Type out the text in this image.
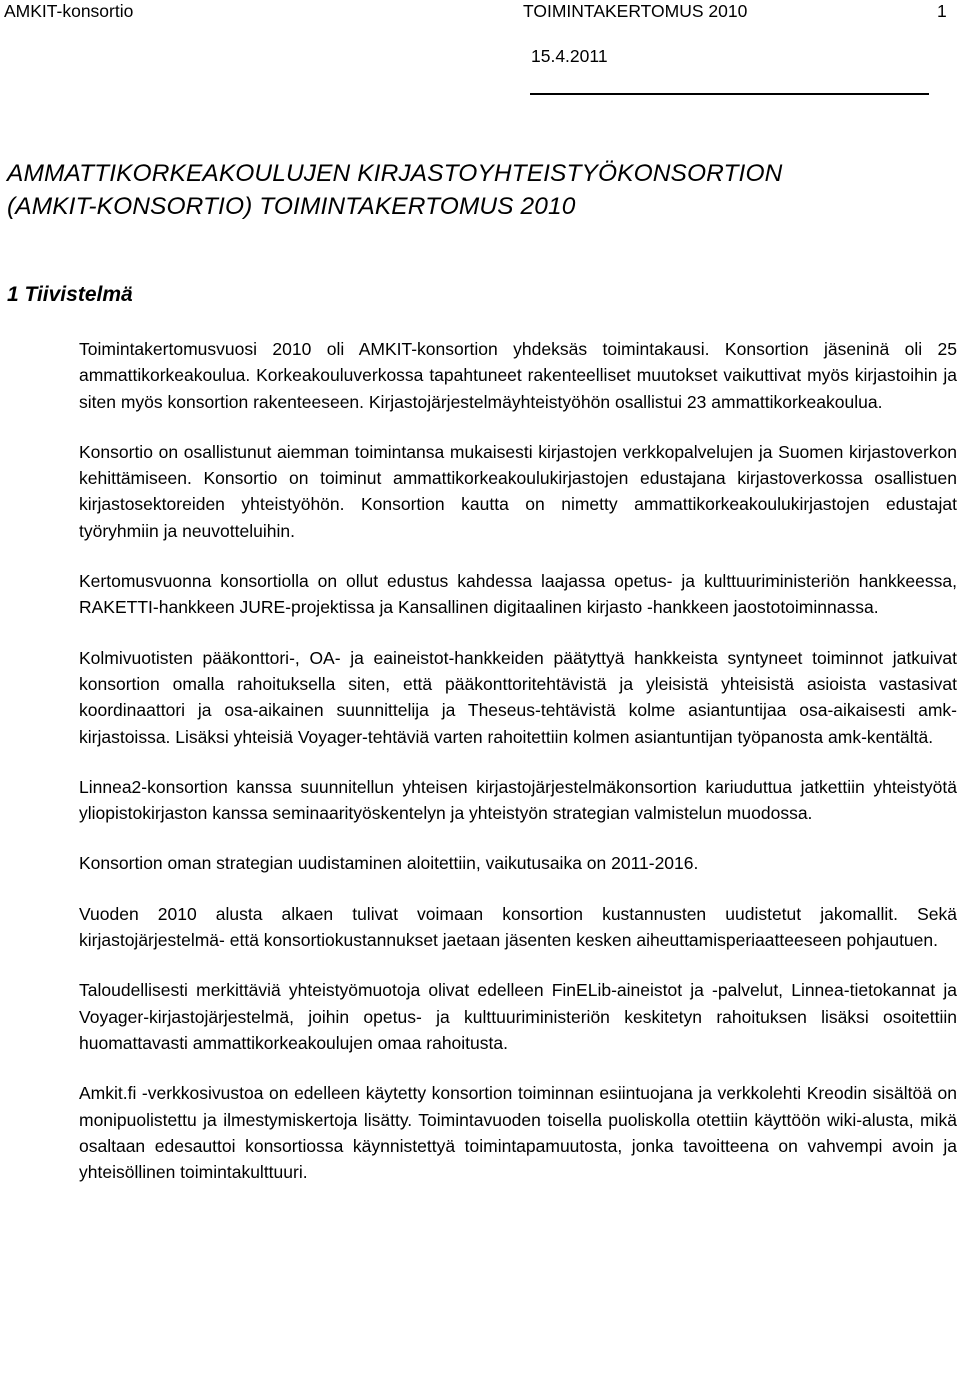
AMKIT-konsortio	TOIMINTAKERTOMUS 2010	1
15.4.2011
AMMATTIKORKEAKOULUJEN KIRJASTOYHTEISTYÖKONSORTION
(AMKIT-KONSORTIO) TOIMINTAKERTOMUS 2010
1 Tiivistelmä

Toimintakertomusvuosi 2010 oli AMKIT-konsortion yhdeksäs toimintakausi. Konsortion jäseninä oli 25 ammattikorkeakoulua. Korkeakouluverkossa tapahtuneet rakenteelliset muutokset vaikuttivat myös kirjastoihin ja siten myös konsortion rakenteeseen. Kirjastojärjestelmäyhteistyöhön osallistui 23 ammattikorkeakoulua.

Konsortio on osallistunut aiemman toimintansa mukaisesti kirjastojen verkkopalvelujen ja Suomen kirjastoverkon kehittämiseen. Konsortio on toiminut ammattikorkeakoulukirjastojen edustajana kirjastoverkossa osallistuen kirjastosektoreiden yhteistyöhön. Konsortion kautta on nimetty ammattikorkeakoulukirjastojen edustajat työryhmiin ja neuvotteluihin.

Kertomusvuonna konsortiolla on ollut edustus kahdessa laajassa opetus- ja kulttuuriministeriön hankkeessa, RAKETTI-hankkeen JURE-projektissa ja Kansallinen digitaalinen kirjasto -hankkeen jaostotoiminnassa.

Kolmivuotisten pääkonttori-, OA- ja eaineistot-hankkeiden päätyttyä hankkeista syntyneet toiminnot jatkuivat konsortion omalla rahoituksella siten, että pääkonttoritehtävistä ja yleisistä yhteisistä asioista vastasivat koordinaattori ja osa-aikainen suunnittelija ja Theseus-tehtävistä kolme asiantuntijaa osa-aikaisesti amk-kirjastoissa. Lisäksi yhteisiä Voyager-tehtäviä varten rahoitettiin kolmen asiantuntijan työpanosta amk-kentältä.

Linnea2-konsortion kanssa suunnitellun yhteisen kirjastojärjestelmäkonsortion kariuduttua jatkettiin yhteistyötä yliopistokirjaston kanssa seminaarityöskentelyn ja yhteistyön strategian valmistelun muodossa.

Konsortion oman strategian uudistaminen aloitettiin, vaikutusaika on 2011-2016.

Vuoden 2010 alusta alkaen tulivat voimaan konsortion kustannusten uudistetut jakomallit. Sekä kirjastojärjestelmä- että konsortiokustannukset jaetaan jäsenten kesken aiheuttamisperiaatteeseen pohjautuen.

Taloudellisesti merkittäviä yhteistyömuotoja olivat edelleen FinELib-aineistot ja -palvelut, Linnea-tietokannat ja Voyager-kirjastojärjestelmä, joihin opetus- ja kulttuuriministeriön keskitetyn rahoituksen lisäksi osoitettiin huomattavasti ammattikorkeakoulujen omaa rahoitusta.

Amkit.fi -verkkosivustoa on edelleen käytetty konsortion toiminnan esiintuojana ja verkkolehti Kreodin sisältöä on monipuolistettu ja ilmestymiskertoja lisätty. Toimintavuoden toisella puoliskolla otettiin käyttöön wiki-alusta, mikä osaltaan edesauttoi konsortiossa käynnistettyä toimintapamuutosta, jonka tavoitteena on vahvempi avoin ja yhteisöllinen toimintakulttuuri.
